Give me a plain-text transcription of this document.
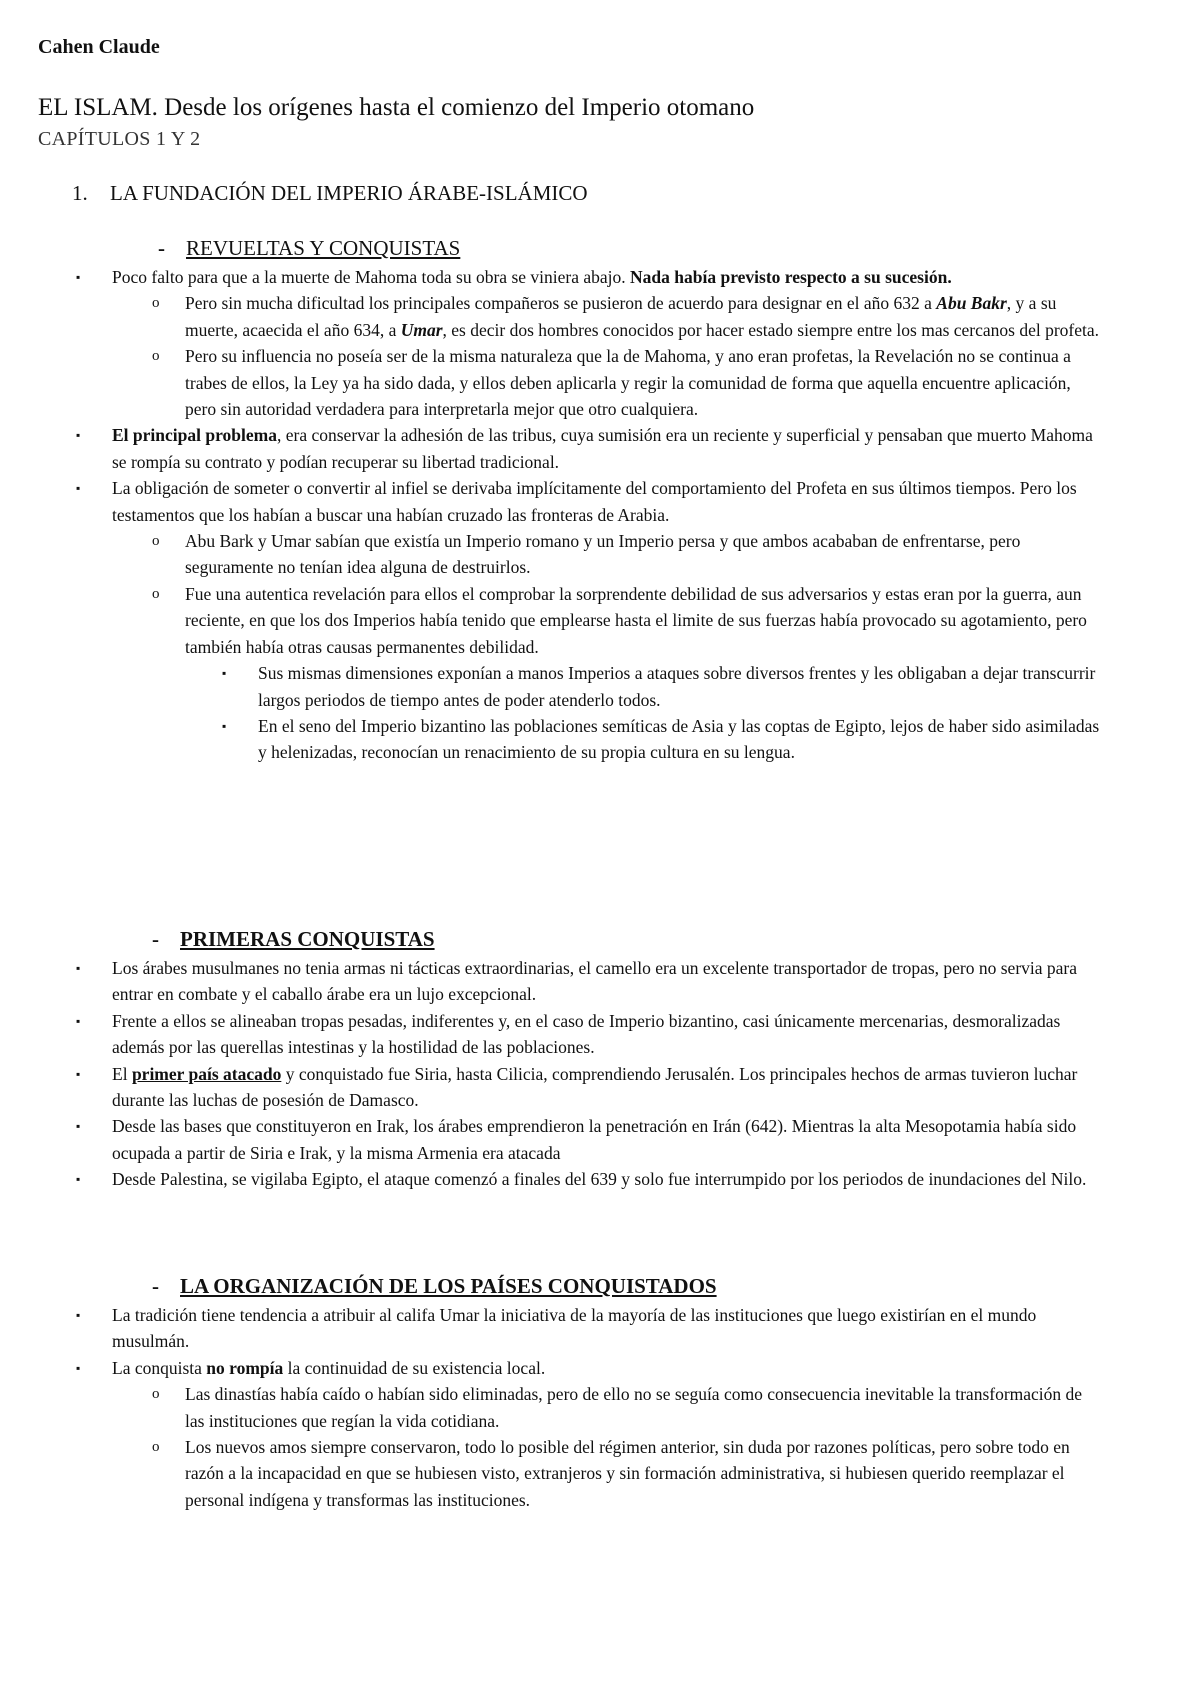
Cahen Claude
EL ISLAM. Desde los orígenes hasta el comienzo del Imperio otomano
CAPÍTULOS 1 Y 2
1. LA FUNDACIÓN DEL IMPERIO ÁRABE-ISLÁMICO
- REVUELTAS Y CONQUISTAS
▪ Poco falto para que a la muerte de Mahoma toda su obra se viniera abajo. Nada había previsto respecto a su sucesión.
o Pero sin mucha dificultad los principales compañeros se pusieron de acuerdo para designar en el año 632 a Abu Bakr, y a su muerte, acaecida el año 634, a Umar, es decir dos hombres conocidos por hacer estado siempre entre los mas cercanos del profeta.
o Pero su influencia no poseía ser de la misma naturaleza que la de Mahoma, y ano eran profetas, la Revelación no se continua a trabes de ellos, la Ley ya ha sido dada, y ellos deben aplicarla y regir la comunidad de forma que aquella encuentre aplicación, pero sin autoridad verdadera para interpretarla mejor que otro cualquiera.
▪ El principal problema, era conservar la adhesión de las tribus, cuya sumisión era un reciente y superficial y pensaban que muerto Mahoma se rompía su contrato y podían recuperar su libertad tradicional.
▪ La obligación de someter o convertir al infiel se derivaba implícitamente del comportamiento del Profeta en sus últimos tiempos. Pero los testamentos que los habían a buscar una habían cruzado las fronteras de Arabia.
o Abu Bark y Umar sabían que existía un Imperio romano y un Imperio persa y que ambos acababan de enfrentarse, pero seguramente no tenían idea alguna de destruirlos.
o Fue una autentica revelación para ellos el comprobar la sorprendente debilidad de sus adversarios y estas eran por la guerra, aun reciente, en que los dos Imperios había tenido que emplearse hasta el limite de sus fuerzas había provocado su agotamiento, pero también había otras causas permanentes debilidad.
▪ Sus mismas dimensiones exponían a manos Imperios a ataques sobre diversos frentes y les obligaban a dejar transcurrir largos periodos de tiempo antes de poder atenderlo todos.
▪ En el seno del Imperio bizantino las poblaciones semíticas de Asia y las coptas de Egipto, lejos de haber sido asimiladas y helenizadas, reconocían un renacimiento de su propia cultura en su lengua.
- PRIMERAS CONQUISTAS
▪ Los árabes musulmanes no tenia armas ni tácticas extraordinarias, el camello era un excelente transportador de tropas, pero no servia para entrar en combate y el caballo árabe era un lujo excepcional.
▪ Frente a ellos se alineaban tropas pesadas, indiferentes y, en el caso de Imperio bizantino, casi únicamente mercenarias, desmoralizadas además por las querellas intestinas y la hostilidad de las poblaciones.
▪ El primer país atacado y conquistado fue Siria, hasta Cilicia, comprendiendo Jerusalén. Los principales hechos de armas tuvieron luchar durante las luchas de posesión de Damasco.
▪ Desde las bases que constituyeron en Irak, los árabes emprendieron la penetración en Irán (642). Mientras la alta Mesopotamia había sido ocupada a partir de Siria e Irak, y la misma Armenia era atacada
▪ Desde Palestina, se vigilaba Egipto, el ataque comenzó a finales del 639 y solo fue interrumpido por los periodos de inundaciones del Nilo.
- LA ORGANIZACIÓN DE LOS PAÍSES CONQUISTADOS
▪ La tradición tiene tendencia a atribuir al califa Umar la iniciativa de la mayoría de las instituciones que luego existirían en el mundo musulmán.
▪ La conquista no rompía la continuidad de su existencia local.
o Las dinastías había caído o habían sido eliminadas, pero de ello no se seguía como consecuencia inevitable la transformación de las instituciones que regían la vida cotidiana.
o Los nuevos amos siempre conservaron, todo lo posible del régimen anterior, sin duda por razones políticas, pero sobre todo en razón a la incapacidad en que se hubiesen visto, extranjeros y sin formación administrativa, si hubiesen querido reemplazar el personal indígena y transformas las instituciones.
